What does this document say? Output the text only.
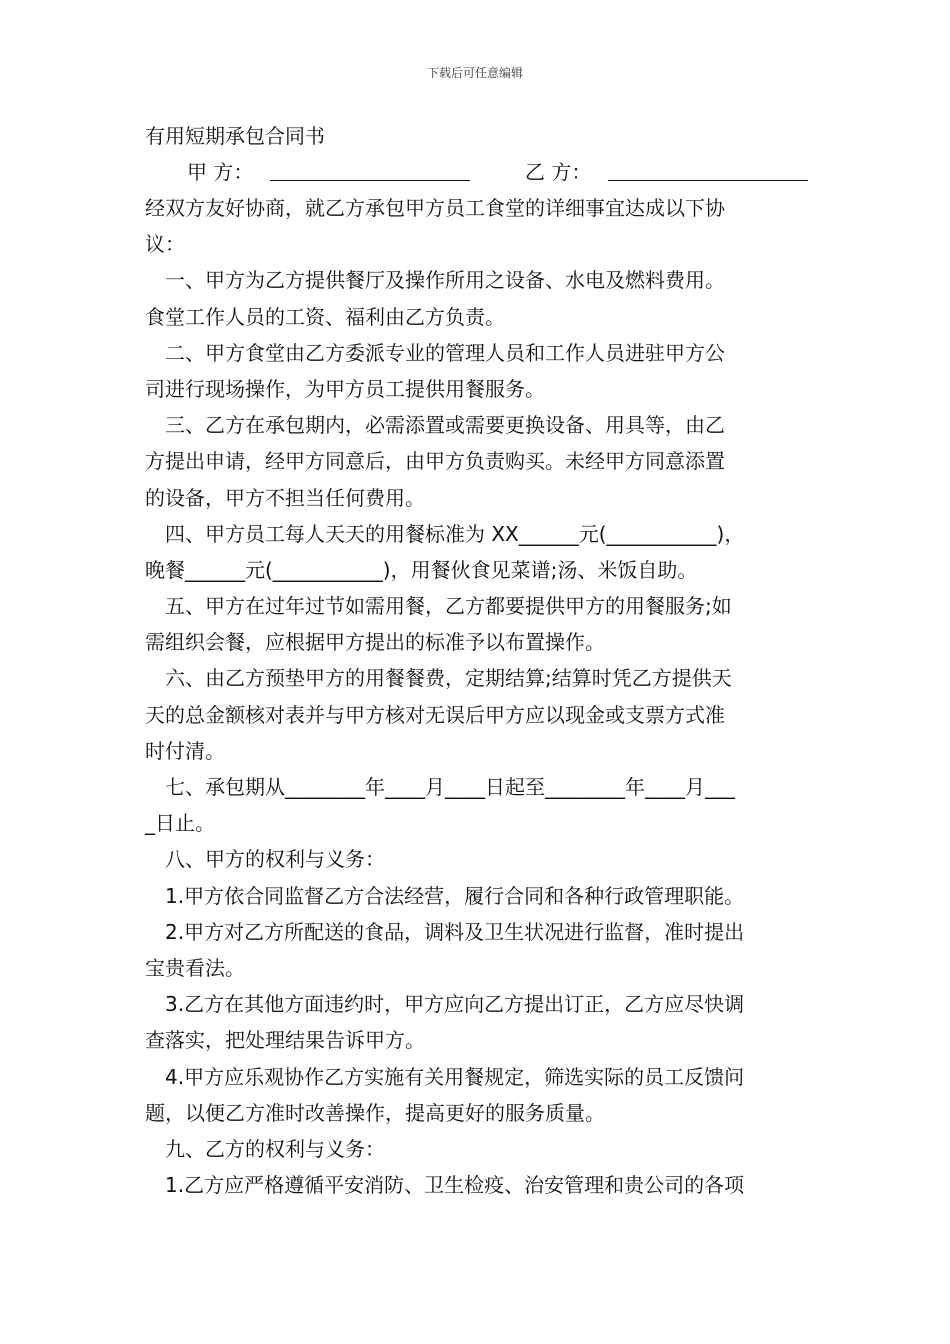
下载后可任意编辑
有用短期承包合同书
甲 方：	乙 方：
经双方友好协商，就乙方承包甲方员工食堂的详细事宜达成以下协
议：
一、甲方为乙方提供餐厅及操作所用之设备、水电及燃料费用。
食堂工作人员的工资、福利由乙方负责。
二、甲方食堂由乙方委派专业的管理人员和工作人员进驻甲方公
司进行现场操作，为甲方员工提供用餐服务。
三、乙方在承包期内，必需添置或需要更换设备、用具等，由乙
方提出申请，经甲方同意后，由甲方负责购买。未经甲方同意添置
的设备，甲方不担当任何费用。
四、甲方员工每人天天的用餐标准为 XX______元(___________)，
晚餐______元(___________)，用餐伙食见菜谱;汤、米饭自助。
五、甲方在过年过节如需用餐，乙方都要提供甲方的用餐服务;如
需组织会餐，应根据甲方提出的标准予以布置操作。
六、由乙方预垫甲方的用餐餐费，定期结算;结算时凭乙方提供天
天的总金额核对表并与甲方核对无误后甲方应以现金或支票方式准
时付清。
七、承包期从________年____月____日起至________年____月___
_日止。
八、甲方的权利与义务：
1.甲方依合同监督乙方合法经营，履行合同和各种行政管理职能。
2.甲方对乙方所配送的食品，调料及卫生状况进行监督，准时提出
宝贵看法。
3.乙方在其他方面违约时，甲方应向乙方提出订正，乙方应尽快调
查落实，把处理结果告诉甲方。
4.甲方应乐观协作乙方实施有关用餐规定，筛选实际的员工反馈问
题，以便乙方准时改善操作，提高更好的服务质量。
九、乙方的权利与义务：
1.乙方应严格遵循平安消防、卫生检疫、治安管理和贵公司的各项
